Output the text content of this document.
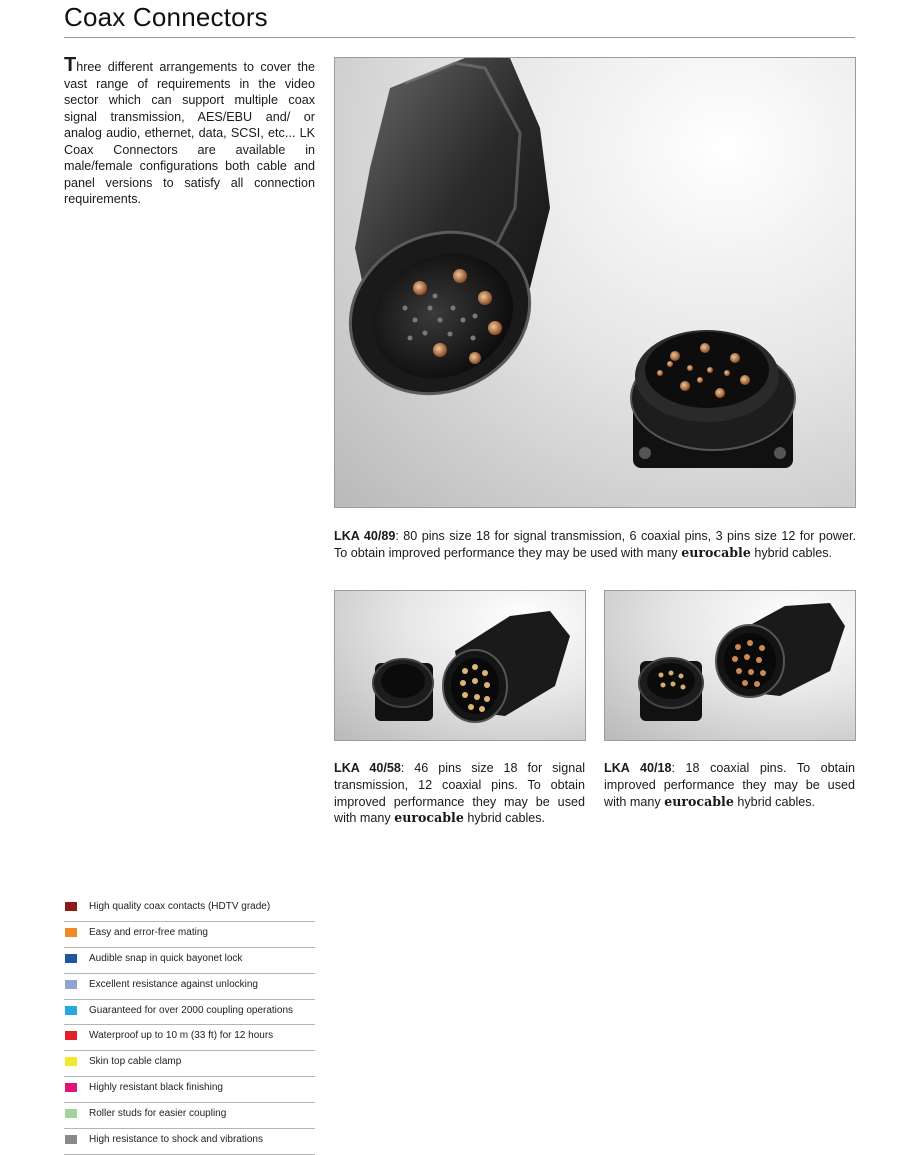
Coax Connectors
Three different arrangements to cover the vast range of requirements in the video sector which can support multiple coax signal transmission, AES/EBU and/ or analog audio, ethernet, data, SCSI, etc... LK Coax Connectors are available in male/female configurations both cable and panel versions to satisfy all connection requirements.
LKA 40/89: 80 pins size 18 for signal transmission, 6 coaxial pins, 3 pins size 12 for power. To obtain improved performance they may be used with many eurocable hybrid cables.
LKA 40/58: 46 pins size 18 for signal transmission, 12 coaxial pins. To obtain improved performance they may be used with many eurocable hybrid cables.
LKA 40/18: 18 coaxial pins. To obtain improved performance they may be used with many eurocable hybrid cables.
High quality coax contacts (HDTV grade)
Easy and error-free mating
Audible snap in quick bayonet lock
Excellent resistance against unlocking
Guaranteed for over 2000 coupling operations
Waterproof up to 10 m (33 ft) for 12 hours
Skin top cable clamp
Highly resistant black finishing
Roller studs for easier coupling
High resistance to shock and vibrations
